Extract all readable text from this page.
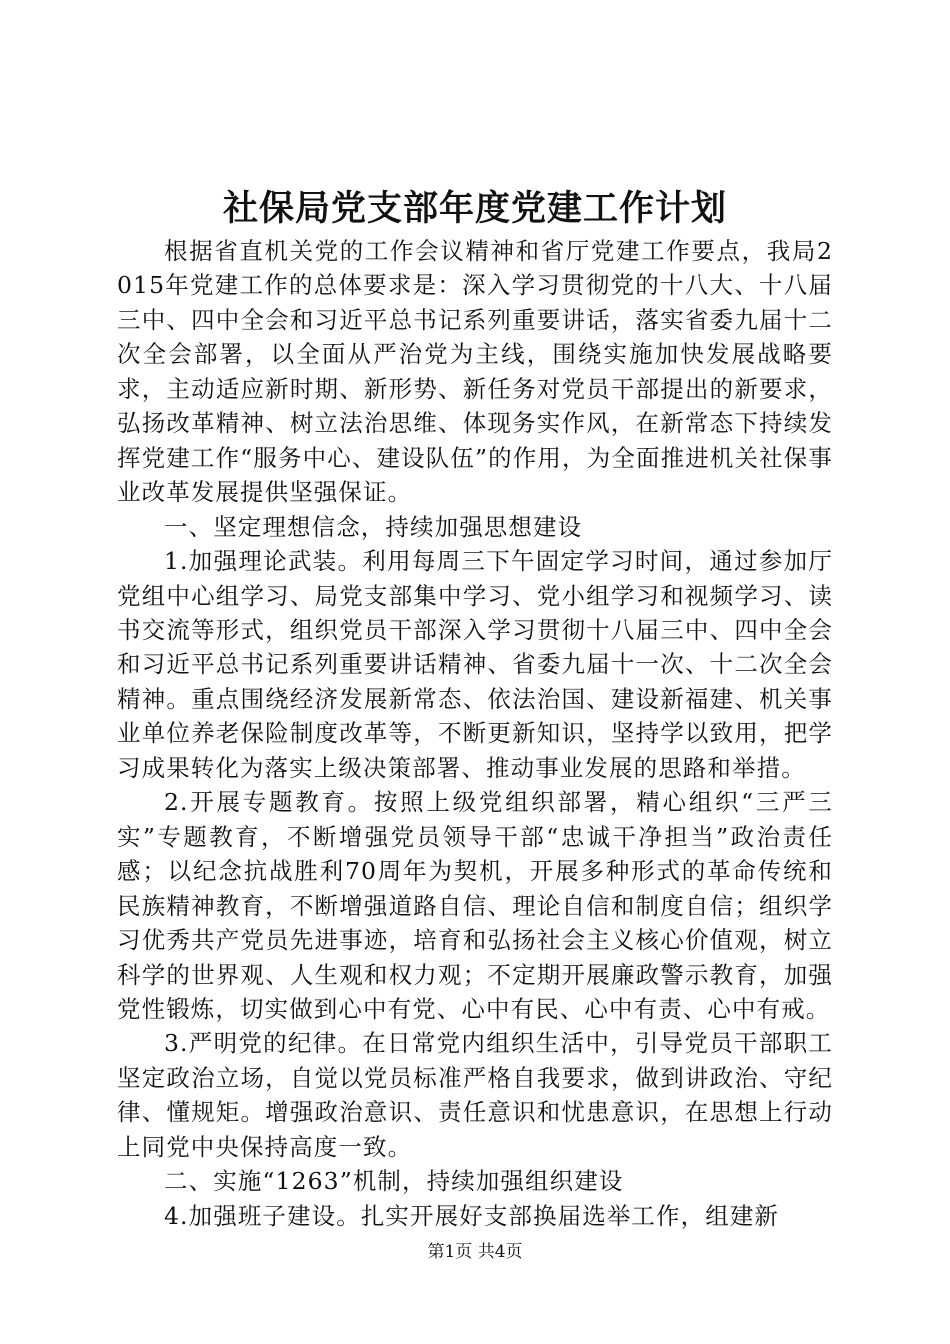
社保局党支部年度党建工作计划

根据省直机关党的工作会议精神和省厅党建工作要点，我局2015年党建工作的总体要求是：深入学习贯彻党的十八大、十八届三中、四中全会和习近平总书记系列重要讲话，落实省委九届十二次全会部署，以全面从严治党为主线，围绕实施加快发展战略要求，主动适应新时期、新形势、新任务对党员干部提出的新要求，弘扬改革精神、树立法治思维、体现务实作风，在新常态下持续发挥党建工作“服务中心、建设队伍”的作用，为全面推进机关社保事业改革发展提供坚强保证。

一、坚定理想信念，持续加强思想建设

1.加强理论武装。利用每周三下午固定学习时间，通过参加厅党组中心组学习、局党支部集中学习、党小组学习和视频学习、读书交流等形式，组织党员干部深入学习贯彻十八届三中、四中全会和习近平总书记系列重要讲话精神、省委九届十一次、十二次全会精神。重点围绕经济发展新常态、依法治国、建设新福建、机关事业单位养老保险制度改革等，不断更新知识，坚持学以致用，把学习成果转化为落实上级决策部署、推动事业发展的思路和举措。

2.开展专题教育。按照上级党组织部署，精心组织“三严三实”专题教育，不断增强党员领导干部“忠诚干净担当”政治责任感；以纪念抗战胜利70周年为契机，开展多种形式的革命传统和民族精神教育，不断增强道路自信、理论自信和制度自信；组织学习优秀共产党员先进事迹，培育和弘扬社会主义核心价值观，树立科学的世界观、人生观和权力观；不定期开展廉政警示教育，加强党性锻炼，切实做到心中有党、心中有民、心中有责、心中有戒。

3.严明党的纪律。在日常党内组织生活中，引导党员干部职工坚定政治立场，自觉以党员标准严格自我要求，做到讲政治、守纪律、懂规矩。增强政治意识、责任意识和忧患意识，在思想上行动上同党中央保持高度一致。

二、实施“1263”机制，持续加强组织建设

4.加强班子建设。扎实开展好支部换届选举工作，组建新

第1页 共4页
